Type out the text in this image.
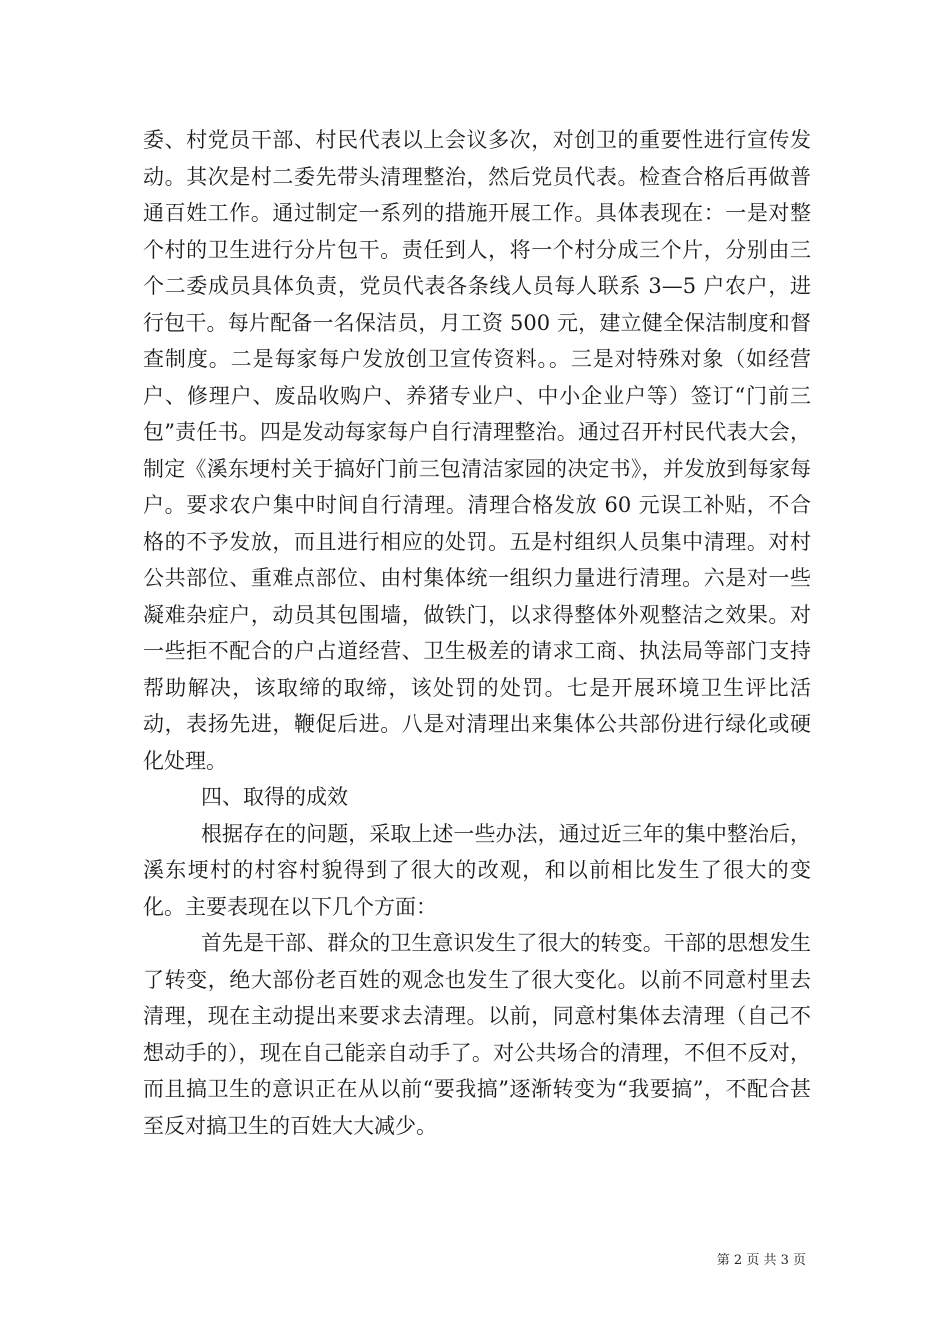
委、村党员干部、村民代表以上会议多次，对创卫的重要性进行宣传发动。其次是村二委先带头清理整治，然后党员代表。检查合格后再做普通百姓工作。通过制定一系列的措施开展工作。具体表现在：一是对整个村的卫生进行分片包干。责任到人，将一个村分成三个片，分别由三个二委成员具体负责，党员代表各条线人员每人联系 3—5 户农户，进行包干。每片配备一名保洁员，月工资 500 元，建立健全保洁制度和督查制度。二是每家每户发放创卫宣传资料。。三是对特殊对象（如经营户、修理户、废品收购户、养猪专业户、中小企业户等）签订“门前三包”责任书。四是发动每家每户自行清理整治。通过召开村民代表大会，制定《溪东埂村关于搞好门前三包清洁家园的决定书》，并发放到每家每户。要求农户集中时间自行清理。清理合格发放 60 元误工补贴，不合格的不予发放，而且进行相应的处罚。五是村组织人员集中清理。对村公共部位、重难点部位、由村集体统一组织力量进行清理。六是对一些凝难杂症户，动员其包围墙，做铁门，以求得整体外观整洁之效果。对一些拒不配合的户占道经营、卫生极差的请求工商、执法局等部门支持帮助解决，该取缔的取缔，该处罚的处罚。七是开展环境卫生评比活动，表扬先进，鞭促后进。八是对清理出来集体公共部份进行绿化或硬化处理。

四、取得的成效

根据存在的问题，采取上述一些办法，通过近三年的集中整治后，溪东埂村的村容村貌得到了很大的改观，和以前相比发生了很大的变化。主要表现在以下几个方面：

首先是干部、群众的卫生意识发生了很大的转变。干部的思想发生了转变，绝大部份老百姓的观念也发生了很大变化。以前不同意村里去清理，现在主动提出来要求去清理。以前，同意村集体去清理（自己不想动手的），现在自己能亲自动手了。对公共场合的清理，不但不反对，而且搞卫生的意识正在从以前“要我搞”逐渐转变为“我要搞”，不配合甚至反对搞卫生的百姓大大减少。

第 2 页 共 3 页
